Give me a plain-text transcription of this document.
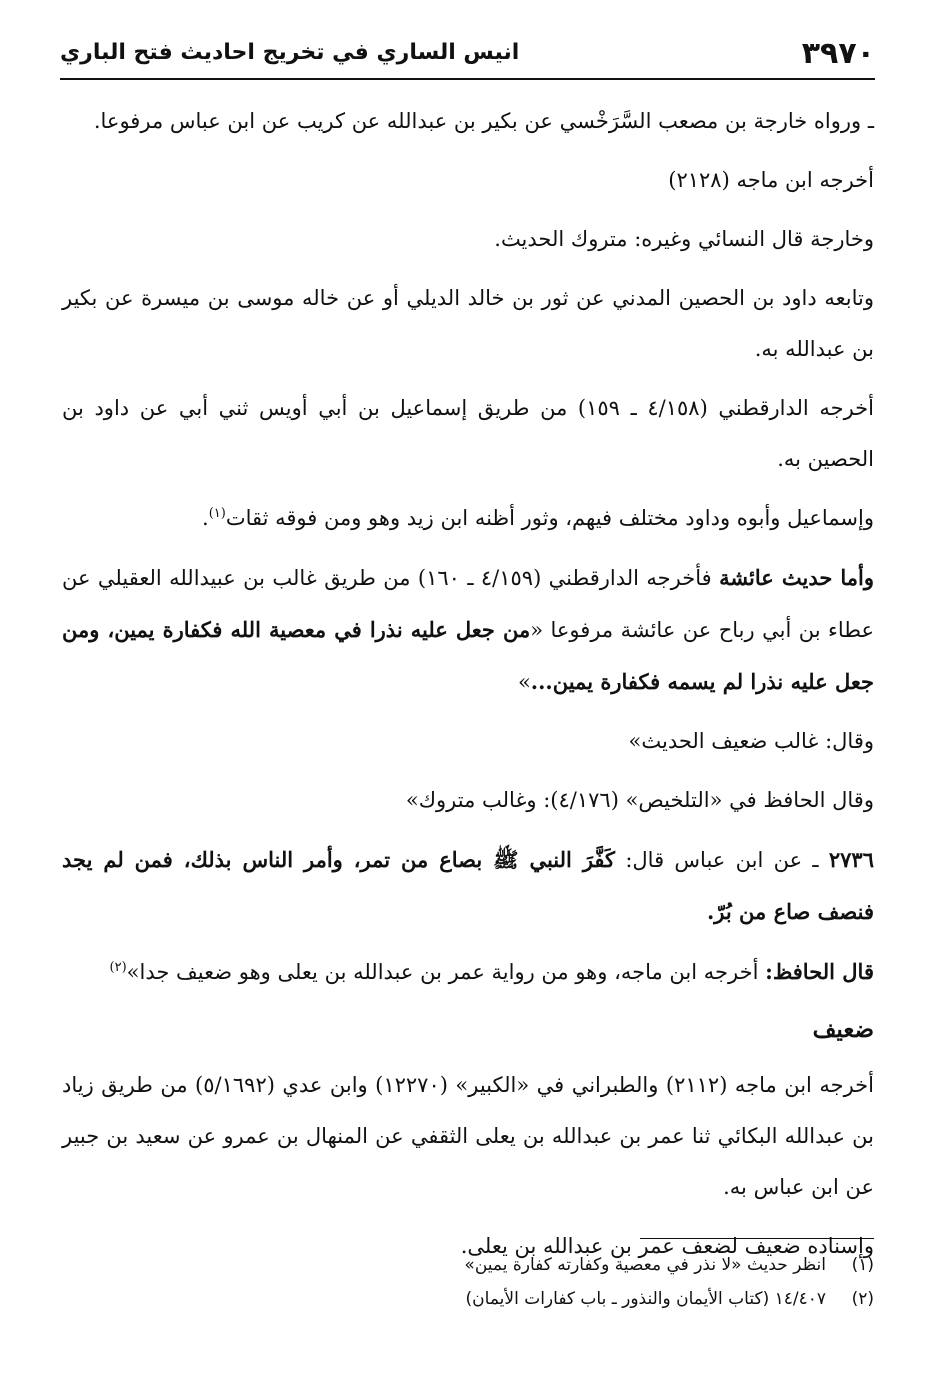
٣٩٧٠
انيس الساري في تخريج احاديث فتح الباري

ـ ورواه خارجة بن مصعب السَّرَخْسي عن بكير بن عبدالله عن كريب عن ابن عباس مرفوعا.

أخرجه ابن ماجه (٢١٢٨)

وخارجة قال النسائي وغيره: متروك الحديث.

وتابعه داود بن الحصين المدني عن ثور بن خالد الديلي أو عن خاله موسى بن ميسرة عن بكير بن عبدالله به.

أخرجه الدارقطني (٤/١٥٨ ـ ١٥٩) من طريق إسماعيل بن أبي أويس ثني أبي عن داود بن الحصين به.

وإسماعيل وأبوه وداود مختلف فيهم، وثور أظنه ابن زيد وهو ومن فوقه ثقات$^{(١)}$.

وأما حديث عائشة فأخرجه الدارقطني (٤/١٥٩ ـ ١٦٠) من طريق غالب بن عبيدالله العقيلي عن عطاء بن أبي رباح عن عائشة مرفوعا «من جعل عليه نذرا في معصية الله فكفارة يمين، ومن جعل عليه نذرا لم يسمه فكفارة يمين...»

وقال: غالب ضعيف الحديث»

وقال الحافظ في «التلخيص» (٤/١٧٦): وغالب متروك»

٢٧٣٦ ـ عن ابن عباس قال: كَفَّرَ النبي ﷺ بصاع من تمر، وأمر الناس بذلك، فمن لم يجد فنصف صاع من بُرّ.

قال الحافظ: أخرجه ابن ماجه، وهو من رواية عمر بن عبدالله بن يعلى وهو ضعيف جدا»$^{(٢)}$

ضعيف

أخرجه ابن ماجه (٢١١٢) والطبراني في «الكبير» (١٢٢٧٠) وابن عدي (٥/١٦٩٢) من طريق زياد بن عبدالله البكائي ثنا عمر بن عبدالله بن يعلى الثقفي عن المنهال بن عمرو عن سعيد بن جبير عن ابن عباس به.

وإسناده ضعيف لضعف عمر بن عبدالله بن يعلى.

(١)انظر حديث «لا نذر في معصية وكفارته كفارة يمين»
(٢)١٤/٤٠٧ (كتاب الأيمان والنذور ـ باب كفارات الأيمان)
